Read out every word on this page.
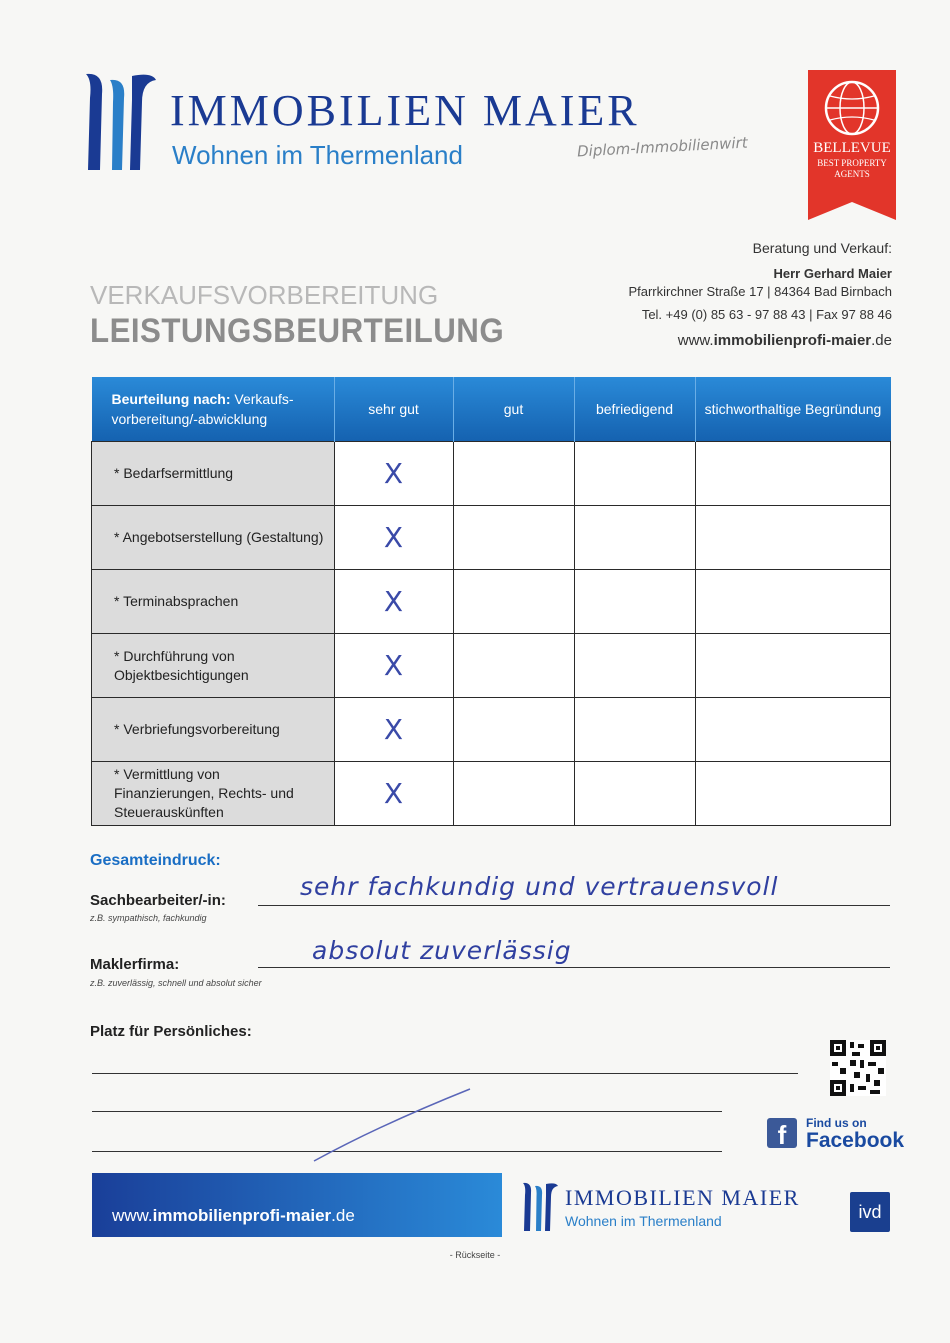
IMMOBILIEN MAIER
Wohnen im Thermenland	Diplom-Immobilienwirt	BELLEVUE
BEST PROPERTY
AGENTS
Beratung und Verkauf:
Herr Gerhard Maier
Pfarrkirchner Straße 17 | 84364 Bad Birnbach
Tel. +49 (0) 85 63 - 97 88 43 | Fax 97 88 46
www.immobilienprofi-maier.de
VERKAUFSVORBEREITUNG
LEISTUNGSBEURTEILUNG
Beurteilung nach: Verkaufs-vorbereitung/-abwicklung	sehr gut	gut	befriedigend	stichworthaltige Begründung
* Bedarfsermittlung	X			
* Angebotserstellung (Gestaltung)	X			
* Terminabsprachen	X			
* Durchführung von Objektbesichtigungen	X			
* Verbriefungsvorbereitung	X			
* Vermittlung von Finanzierungen, Rechts- und Steuerauskünften	X			
Gesamteindruck:
Sachbearbeiter/-in:
z.B. sympathisch, fachkundig
sehr fachkundig und vertrauensvoll
Maklerfirma:
z.B. zuverlässig, schnell und absolut sicher
absolut zuverlässig
Platz für Persönliches:
f	Find us on
Facebook
www.immobilienprofi-maier.de
IMMOBILIEN MAIER
Wohnen im Thermenland	ivd
- Rückseite -
